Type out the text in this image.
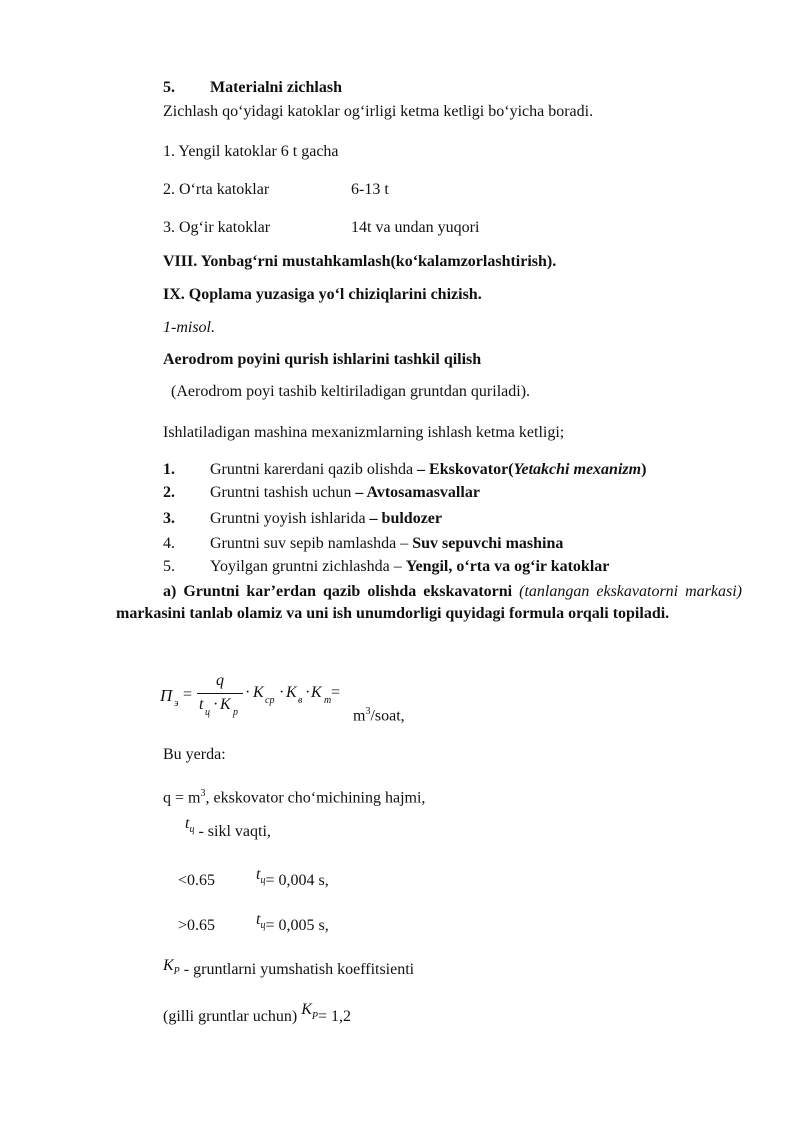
5. Materialni zichlash
Zichlash qo‘yidagi katoklar og‘irligi ketma ketligi bo‘yicha boradi.
1. Yengil katoklar 6 t gacha
2. O‘rta katoklar	6-13 t
3. Og‘ir katoklar	14t va undan yuqori
VIII. Yonbag‘rni mustahkamlash(ko‘kalamzorlashtirish).
IX. Qoplama yuzasiga yo‘l chiziqlarini chizish.
1-misol.
Aerodrom poyini qurish ishlarini tashkil qilish
(Aerodrom poyi tashib keltiriladigan gruntdan quriladi).
Ishlatiladigan mashina mexanizmlarning ishlash ketma ketligi;
1. Gruntni karerdani qazib olishda – Ekskovator(Yetakchi mexanizm)
2. Gruntni tashish uchun – Avtosamasvallar
3. Gruntni yoyish ishlarida – buldozer
4. Gruntni suv sepib namlashda – Suv sepuvchi mashina
5. Yoyilgan gruntni zichlashda – Yengil, o‘rta va og‘ir katoklar
a) Gruntni kar’erdan qazib olishda ekskavatorni (tanlangan ekskavatorni markasi) markasini tanlab olamiz va uni ish unumdorligi quyidagi formula orqali topiladi.
П э
=
q
t ц · K р
· K ср · K в · K т =
$m^3$/soat,
Bu yerda:
$q = m^3$, ekskovator cho‘michining hajmi,
$t^ц$ - sikl vaqti,
<0.65	tц= 0,004 s,
>0.65	tц= 0,005 s,
KP - gruntlarni yumshatish koeffitsienti
(gilli gruntlar uchun) KP= 1,2
